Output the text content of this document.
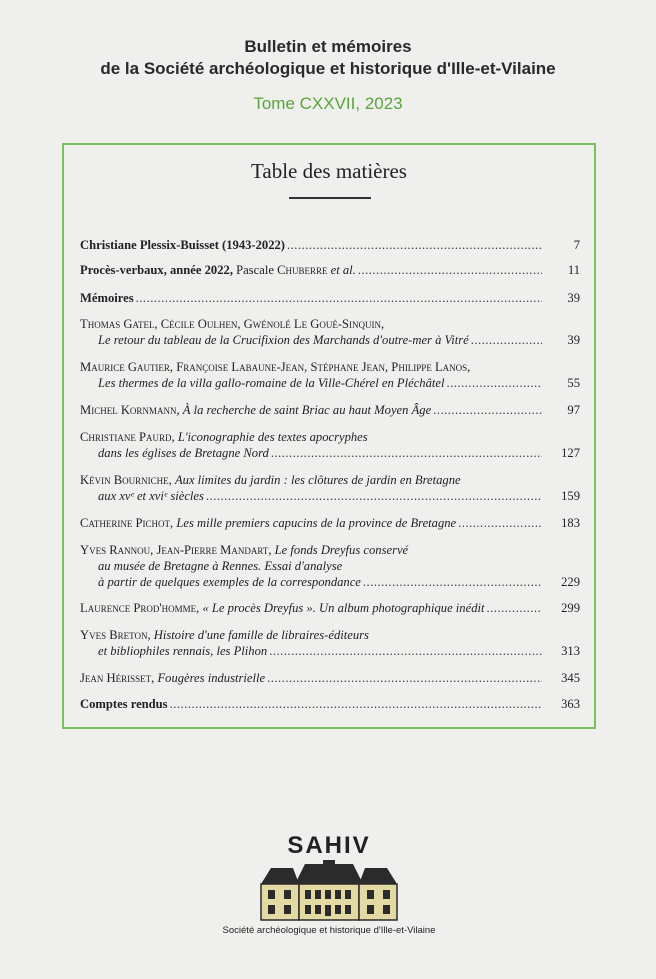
Bulletin et mémoires
de la Société archéologique et historique d'Ille-et-Vilaine
Tome CXXVII, 2023
Table des matières
Christiane Plessix-Buisset (1943-2022) .....	7
Procès-verbaux, année 2022, Pascale Chuberre et al. .....	11
Mémoires .....	39
Thomas Gatel, Cécile Oulhen, Gwénolé Le Goué-Sinquin,
Le retour du tableau de la Crucifixion des Marchands d'outre-mer à Vitré .....	39
Maurice Gautier, Françoise Labaune-Jean, Stéphane Jean, Philippe Lanos,
Les thermes de la villa gallo-romaine de la Ville-Chérel en Pléchâtel .....	55
Michel Kornmann, À la recherche de saint Briac au haut Moyen Âge .....	97
Christiane Paurd, L'iconographie des textes apocryphes
dans les églises de Bretagne Nord .....	127
Kévin Bourniche, Aux limites du jardin : les clôtures de jardin en Bretagne
aux xvᵉ et xviᵉ siècles .....	159
Catherine Pichot, Les mille premiers capucins de la province de Bretagne .....	183
Yves Rannou, Jean-Pierre Mandart, Le fonds Dreyfus conservé
au musée de Bretagne à Rennes. Essai d'analyse
à partir de quelques exemples de la correspondance .....	229
Laurence Prod'homme, « Le procès Dreyfus ». Un album photographique inédit .....	299
Yves Breton, Histoire d'une famille de libraires-éditeurs
et bibliophiles rennais, les Plihon .....	313
Jean Hérisset, Fougères industrielle .....	345
Comptes rendus .....	363
SAHIV
Société archéologique et historique d'Ille-et-Vilaine
